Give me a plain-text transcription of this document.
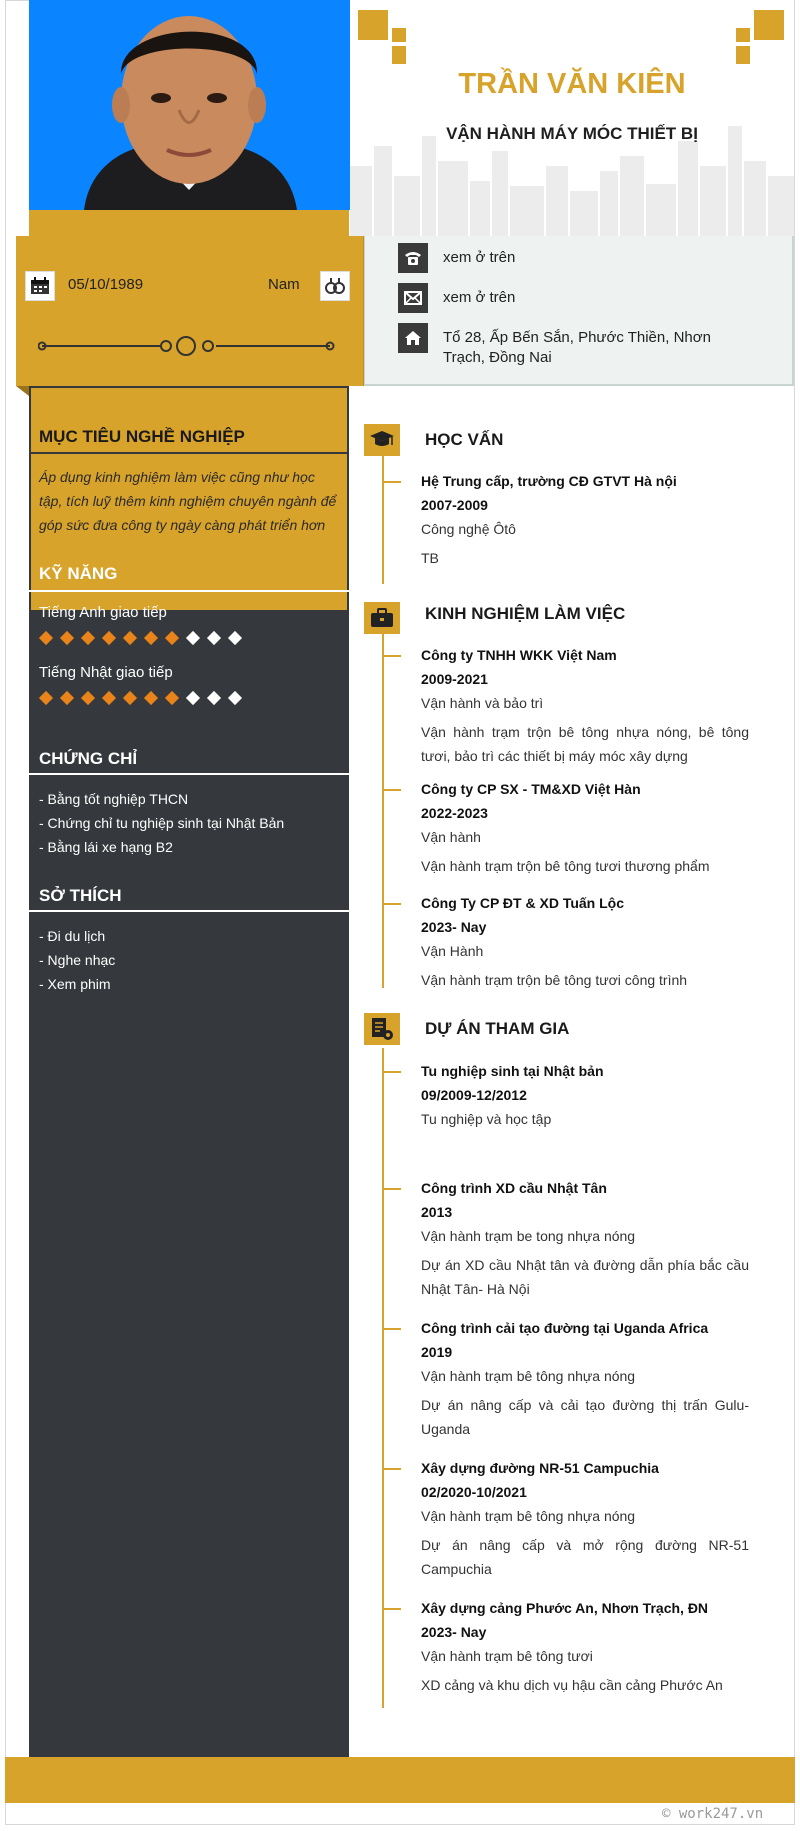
TRẦN VĂN KIÊN
VẬN HÀNH MÁY MÓC THIẾT BỊ
05/10/1989	Nam
xem ở trên
xem ở trên
Tổ 28, Ấp Bến Sắn, Phước Thiền, Nhơn Trạch, Đồng Nai
MỤC TIÊU NGHỀ NGHIỆP
Áp dụng kinh nghiệm làm việc cũng như học tập, tích luỹ thêm kinh nghiệm chuyên ngành để góp sức đưa công ty ngày càng phát triển hơn
KỸ NĂNG
Tiếng Anh giao tiếp
Tiếng Nhật giao tiếp
CHỨNG CHỈ
- Bằng tốt nghiệp THCN
- Chứng chỉ tu nghiệp sinh tại Nhật Bản
- Bằng lái xe hạng B2
SỞ THÍCH
- Đi du lịch
- Nghe nhạc
- Xem phim
HỌC VẤN
Hệ Trung cấp, trường CĐ GTVT Hà nội
2007-2009
Công nghệ Ôtô
TB
KINH NGHIỆM LÀM VIỆC
Công ty TNHH WKK Việt Nam
2009-2021
Vận hành và bảo trì
Vận hành trạm trộn bê tông nhựa nóng, bê tông tươi, bảo trì các thiết bị máy móc xây dựng
Công ty CP SX - TM&XD Việt Hàn
2022-2023
Vận hành
Vận hành trạm trộn bê tông tươi thương phẩm
Công Ty CP ĐT & XD Tuấn Lộc
2023- Nay
Vận Hành
Vận hành trạm trộn bê tông tươi công trình
DỰ ÁN THAM GIA
Tu nghiệp sinh tại Nhật bản
09/2009-12/2012
Tu nghiệp và học tập
Công trình XD cầu Nhật Tân
2013
Vận hành trạm be tong nhựa nóng
Dự án XD cầu Nhật tân và đường dẫn phía bắc cầu Nhật Tân- Hà Nội
Công trình cải tạo đường tại Uganda Africa
2019
Vận hành trạm bê tông nhựa nóng
Dự án nâng cấp và cải tạo đường thị trấn Gulu- Uganda
Xây dựng đường NR-51 Campuchia
02/2020-10/2021
Vận hành trạm bê tông nhựa nóng
Dự án nâng cấp và mở rộng đường NR-51 Campuchia
Xây dựng cảng Phước An, Nhơn Trạch, ĐN
2023- Nay
Vận hành trạm bê tông tươi
XD cảng và khu dịch vụ hậu cần cảng Phước An
© work247.vn
